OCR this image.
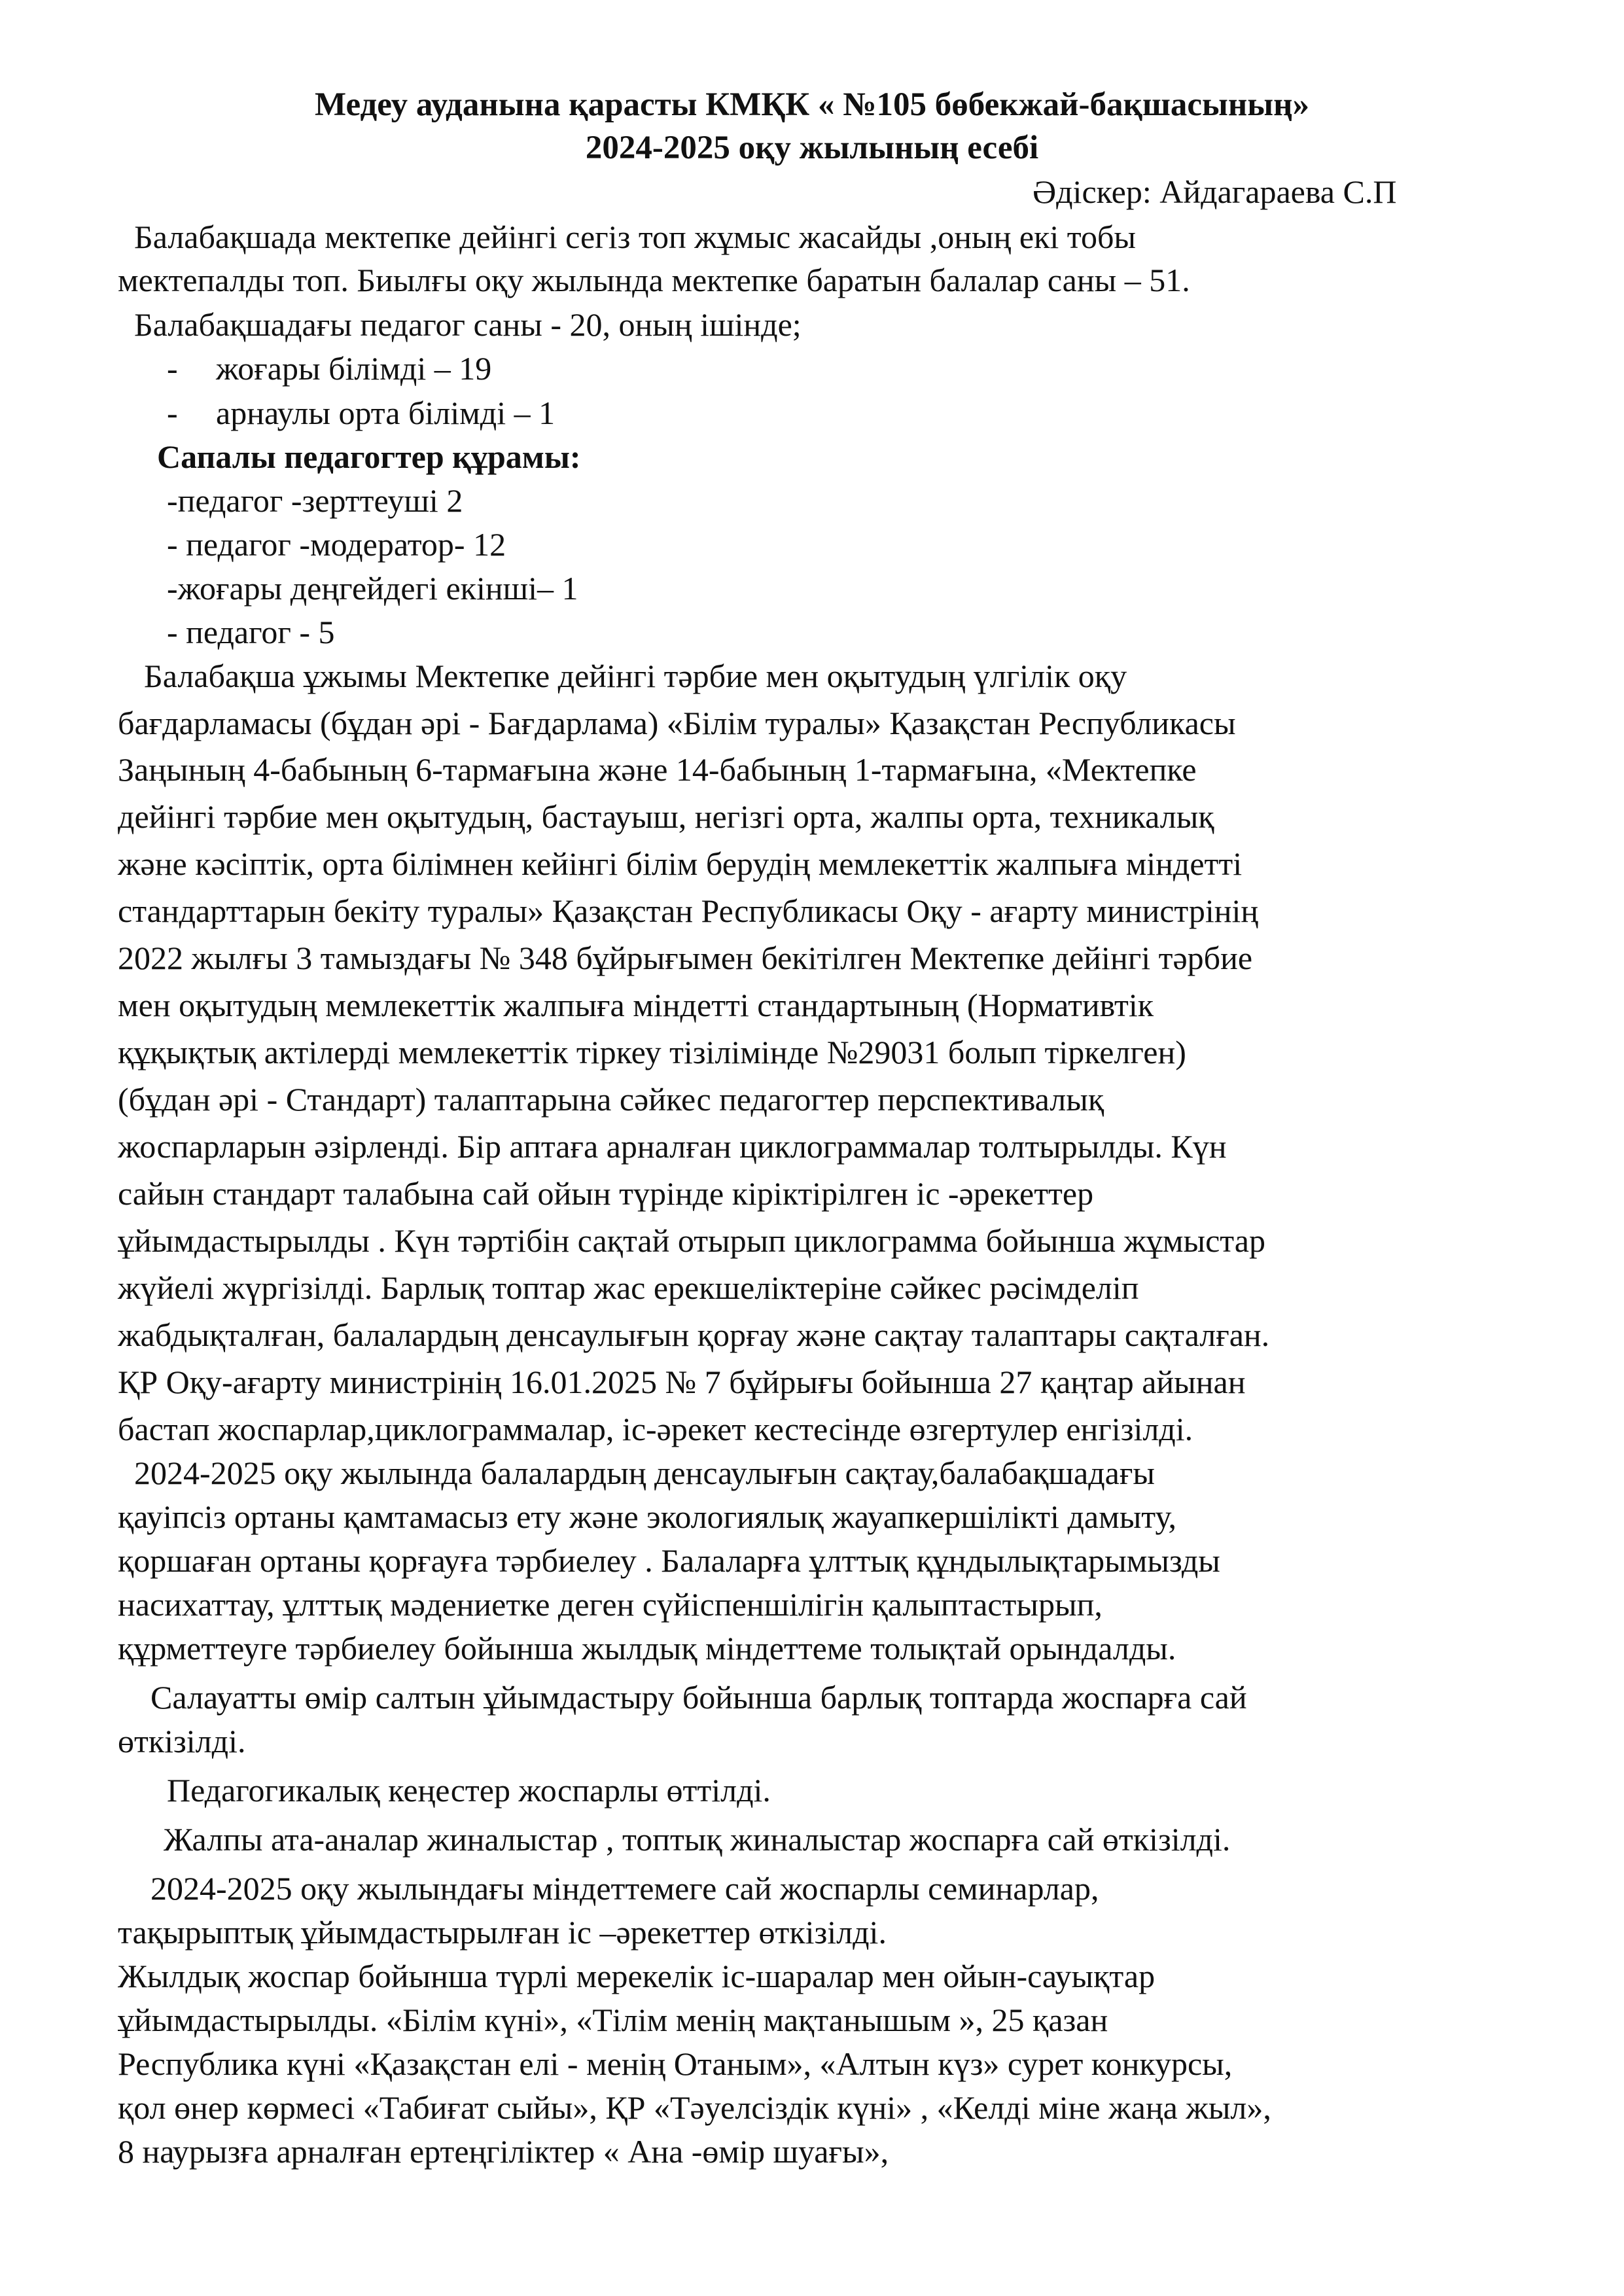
Медеу ауданына қарасты КМҚК « №105 бөбекжай-бақшасының»
2024-2025 оқу жылының есебі
Әдіскер: Айдагараева С.П
Балабақшада мектепке дейінгі сегіз топ жұмыс жасайды ,оның екі тобы
мектепалды топ. Биылғы оқу жылында мектепке баратын балалар саны – 51.
Балабақшадағы педагог саны - 20, оның ішінде;
- жоғары білімді – 19
- арнаулы орта білімді – 1
Сапалы педагогтер құрамы:
-педагог -зерттеуші 2
- педагог -модератор- 12
-жоғары деңгейдегі екінші– 1
- педагог - 5
Балабақша ұжымы Мектепке дейінгі тәрбие мен оқытудың үлгілік оқу
бағдарламасы (бұдан әрі - Бағдарлама) «Білім туралы» Қазақстан Республикасы
Заңының 4-бабының 6-тармағына және 14-бабының 1-тармағына, «Мектепке
дейінгі тәрбие мен оқытудың, бастауыш, негізгі орта, жалпы орта, техникалық
және кәсіптік, орта білімнен кейінгі білім берудің мемлекеттік жалпыға міндетті
стандарттарын бекіту туралы» Қазақстан Республикасы Оқу - ағарту министрінің
2022 жылғы 3 тамыздағы № 348 бұйрығымен бекітілген Мектепке дейінгі тәрбие
мен оқытудың мемлекеттік жалпыға міндетті стандартының (Нормативтік
құқықтық актілерді мемлекеттік тіркеу тізілімінде №29031 болып тіркелген)
(бұдан әрі - Стандарт) талаптарына сәйкес педагогтер перспективалық
жоспарларын әзірленді. Бір аптаға арналған циклограммалар толтырылды. Күн
сайын стандарт талабына сай ойын түрінде кіріктірілген іс -әрекеттер
ұйымдастырылды . Күн тәртібін сақтай отырып циклограмма бойынша жұмыстар
жүйелі жүргізілді. Барлық топтар жас ерекшеліктеріне сәйкес рәсімделіп
жабдықталған, балалардың денсаулығын қорғау және сақтау талаптары сақталған.
ҚР Оқу-ағарту министрінің 16.01.2025 № 7 бұйрығы бойынша 27 қаңтар айынан
бастап жоспарлар,циклограммалар, іс-әрекет кестесінде өзгертулер енгізілді.
2024-2025 оқу жылында балалардың денсаулығын сақтау,балабақшадағы
қауіпсіз ортаны қамтамасыз ету және экологиялық жауапкершілікті дамыту,
қоршаған ортаны қорғауға тәрбиелеу . Балаларға ұлттық құндылықтарымызды
насихаттау, ұлттық мәдениетке деген сүйіспеншілігін қалыптастырып,
құрметтеуге тәрбиелеу бойынша жылдық міндеттеме толықтай орындалды.
Салауатты өмір салтын ұйымдастыру бойынша барлық топтарда жоспарға сай
өткізілді.
Педагогикалық кеңестер жоспарлы өттілді.
Жалпы ата-аналар жиналыстар , топтық жиналыстар жоспарға сай өткізілді.
2024-2025 оқу жылындағы міндеттемеге сай жоспарлы семинарлар,
тақырыптық ұйымдастырылған іс –әрекеттер өткізілді.
Жылдық жоспар бойынша түрлі мерекелік іс-шаралар мен ойын-сауықтар
ұйымдастырылды. «Білім күні», «Тілім менің мақтанышым », 25 қазан
Республика күні «Қазақстан елі - менің Отаным», «Алтын күз» сурет конкурсы,
қол өнер көрмесі «Табиғат сыйы», ҚР «Тәуелсіздік күні» , «Келді міне жаңа жыл»,
8 наурызға арналған ертеңгіліктер « Ана -өмір шуағы»,
